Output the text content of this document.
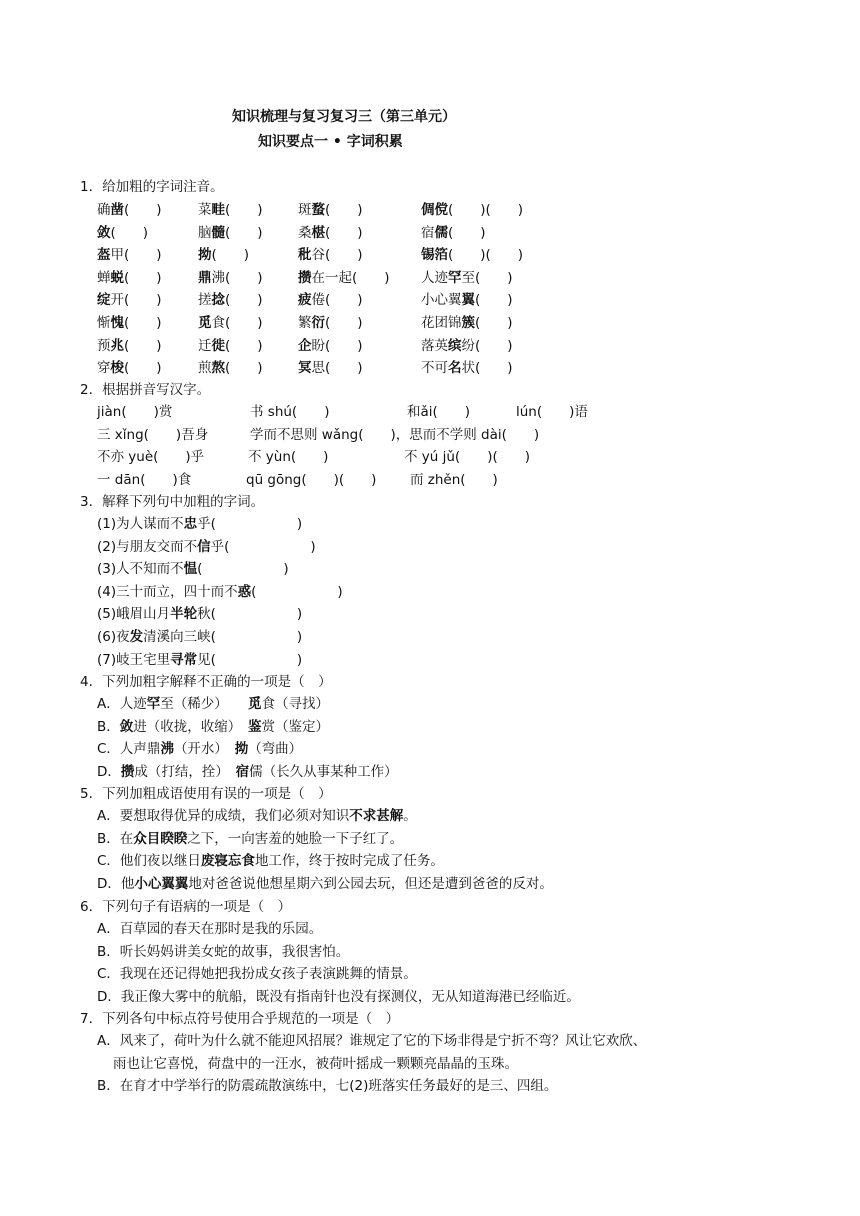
知识梳理与复习复习三（第三单元）
知识要点一 • 字词积累
1．给加粗的字词注音。
确凿(　　)	菜畦(　　)	斑蝥(　　)	倜傥(　　)(　　)
敛(　　)	脑髓(　　)	桑椹(　　)	宿儒(　　)
盔甲(　　)	拗(　　)	秕谷(　　)	锡箔(　　)(　　)
蝉蜕(　　)	鼎沸(　　)	攒在一起(　　) 人迹罕至(　　)
绽开(　　)	搓捻(　　)	疲倦(　　)	小心翼翼(　　)
惭愧(　　)	觅食(　　)	繁衍(　　)	花团锦簇(　　)
预兆(　　)	迁徙(　　)	企盼(　　)	落英缤纷(　　)
穿梭(　　)	煎熬(　　)	冥思(　　)	不可名状(　　)
2．根据拼音写汉字。
jiàn(　　)赏	书 shú(　　)	和ǎi(　　)	lún(　　)语
三 xǐng(　　)吾身	学而不思则 wǎng(　　)，思而不学则 dài(　　)
不亦 yuè(　　)乎	不 yùn(　　)	不 yú jǔ(　　)(　　)
一 dān(　　)食	qū gōng(　　)(　　) 而 zhěn(　　)
3．解释下列句中加粗的字词。
(1)为人谋而不忠乎(　　　　　　)
(2)与朋友交而不信乎(　　　　　　)
(3)人不知而不愠(　　　　　　)
(4)三十而立，四十而不惑(　　　　　　)
(5)峨眉山月半轮秋(　　　　　　)
(6)夜发清溪向三峡(　　　　　　)
(7)岐王宅里寻常见(　　　　　　)
4．下列加粗字解释不正确的一项是（　）
A．人迹罕至（稀少）　　觅食（寻找）
B．敛进（收拢，收缩）　鉴赏（鉴定）
C．人声鼎沸（开水）　拗（弯曲）
D．攒成（打结，拴）　宿儒（长久从事某种工作）
5．下列加粗成语使用有误的一项是（　）
A．要想取得优异的成绩，我们必须对知识不求甚解。
B．在众目睽睽之下，一向害羞的她脸一下子红了。
C．他们夜以继日废寝忘食地工作，终于按时完成了任务。
D．他小心翼翼地对爸爸说他想星期六到公园去玩，但还是遭到爸爸的反对。
6．下列句子有语病的一项是（　）
A．百草园的春天在那时是我的乐园。
B．听长妈妈讲美女蛇的故事，我很害怕。
C．我现在还记得她把我扮成女孩子表演跳舞的情景。
D．我正像大雾中的航船，既没有指南针也没有探测仪，无从知道海港已经临近。
7．下列各句中标点符号使用合乎规范的一项是（　）
A．风来了，荷叶为什么就不能迎风招展？谁规定了它的下场非得是宁折不弯？风让它欢欣、
雨也让它喜悦，荷盘中的一汪水，被荷叶摇成一颗颗亮晶晶的玉珠。
B．在育才中学举行的防震疏散演练中，七(2)班落实任务最好的是三、四组。
